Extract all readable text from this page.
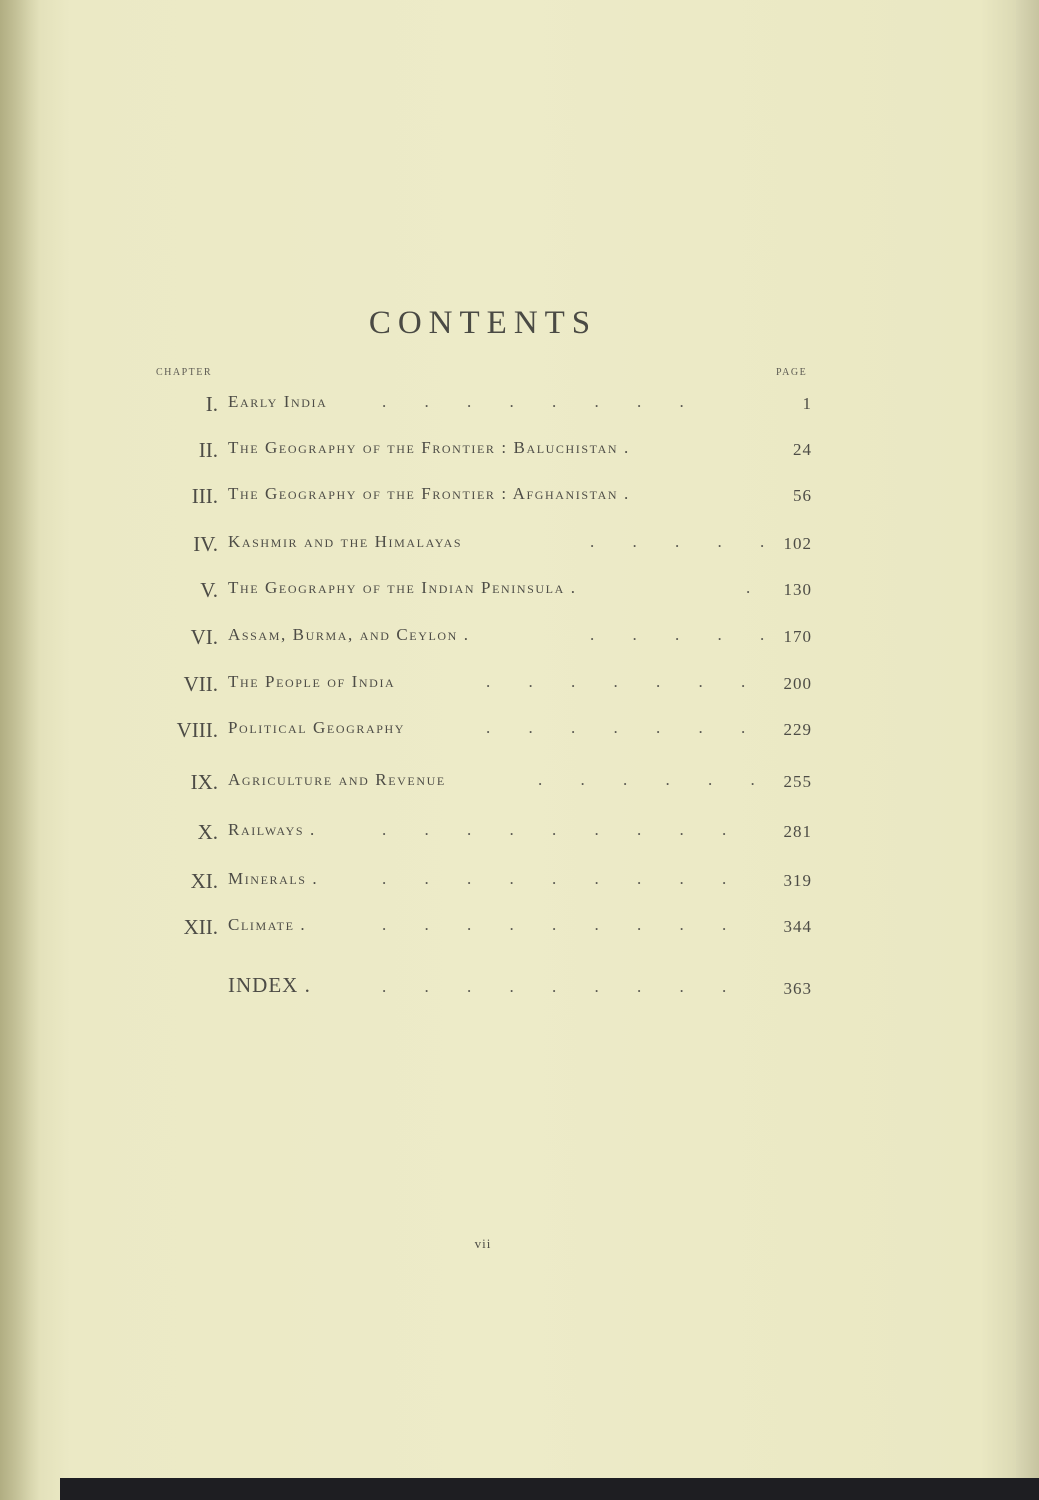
CONTENTS
CHAPTER	PAGE
I. Early India	. . . . . . . .	1
II. The Geography of the Frontier : Baluchistan .	24
III. The Geography of the Frontier : Afghanistan .	56
IV. Kashmir and the Himalayas	. . . . .	102
V. The Geography of the Indian Peninsula .	.	130
VI. Assam, Burma, and Ceylon .	. . . . .	170
VII. The People of India	. . . . . . .	200
VIII. Political Geography	. . . . . . .	229
IX. Agriculture and Revenue	. . . . . .	255
X. Railways .	. . . . . . . . .	281
XI. Minerals .	. . . . . . . . .	319
XII. Climate .	. . . . . . . . .	344
INDEX .	. . . . . . . . .	363
vii
